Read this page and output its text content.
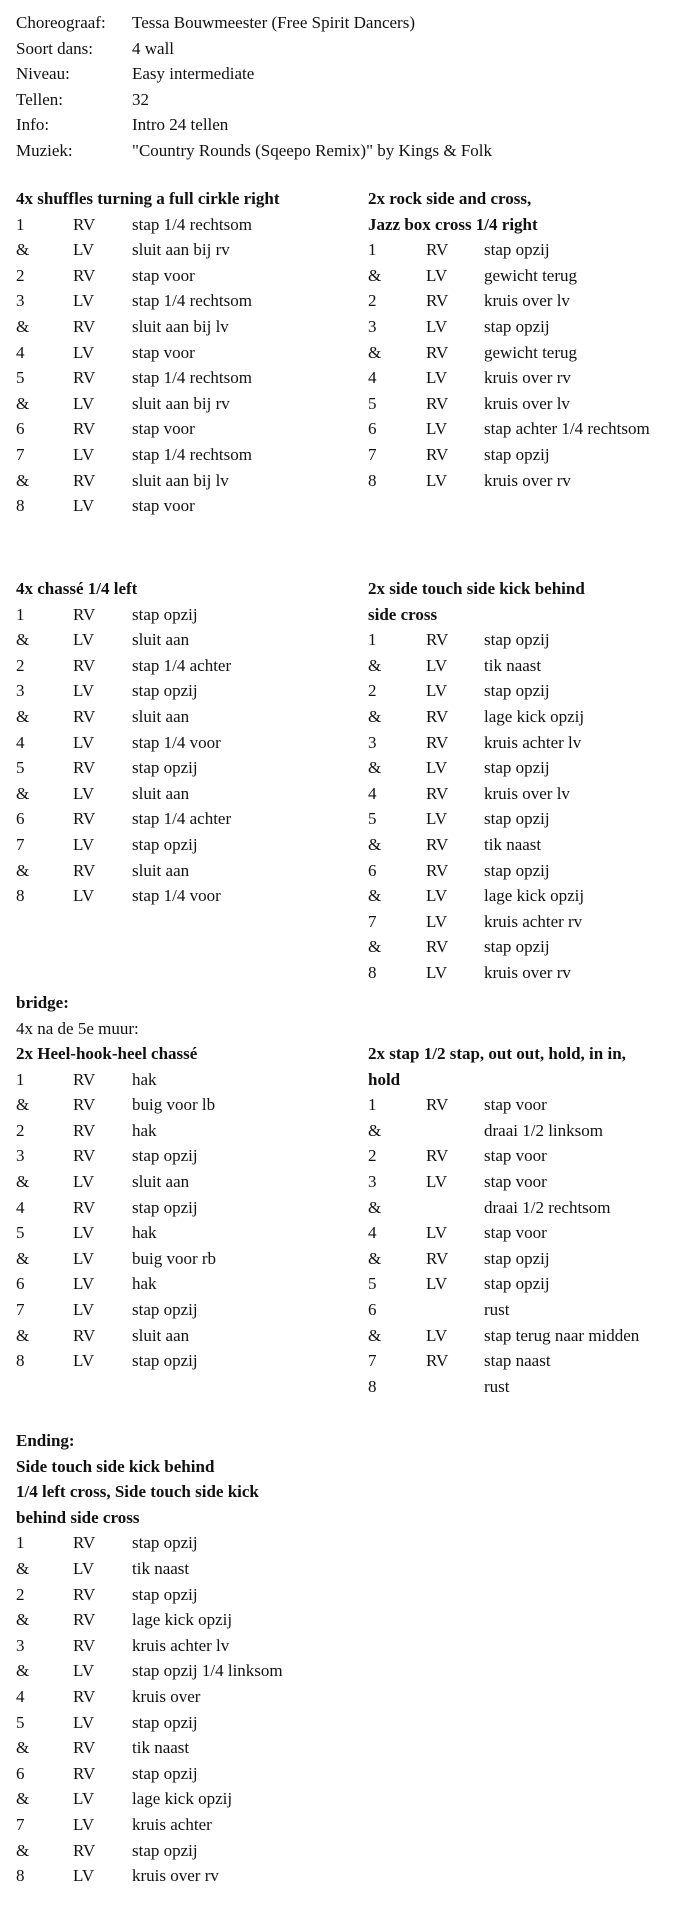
Choreograaf: Tessa Bouwmeester (Free Spirit Dancers)
Soort dans: 4 wall
Niveau:	Easy intermediate
Tellen:	32
Info:	Intro 24 tellen
Muziek:	"Country Rounds (Sqeepo Remix)" by Kings & Folk
4x shuffles turning a full cirkle right
1	RV stap 1/4 rechtsom
&	LV sluit aan bij rv
2	RV stap voor
3	LV stap 1/4 rechtsom
&	RV sluit aan bij lv
4	LV stap voor
5	RV stap 1/4 rechtsom
&	LV sluit aan bij rv
6	RV stap voor
7	LV stap 1/4 rechtsom
&	RV sluit aan bij lv
8	LV stap voor
2x rock side and cross,
Jazz box cross 1/4 right
1	RV stap opzij
&	LV gewicht terug
2	RV kruis over lv
3	LV stap opzij
&	RV gewicht terug
4	LV kruis over rv
5	RV kruis over lv
6	LV stap achter 1/4 rechtsom
7	RV stap opzij
8	LV kruis over rv
4x chassé 1/4 left
1	RV stap opzij
&	LV sluit aan
2	RV stap 1/4 achter
3	LV stap opzij
&	RV sluit aan
4	LV stap 1/4 voor
5	RV stap opzij
&	LV sluit aan
6	RV stap 1/4 achter
7	LV stap opzij
&	RV sluit aan
8	LV stap 1/4 voor
2x side touch side kick behind
side cross
1	RV stap opzij
&	LV tik naast
2	LV stap opzij
&	RV lage kick opzij
3	RV kruis achter lv
&	LV stap opzij
4	RV kruis over lv
5	LV stap opzij
&	RV tik naast
6	RV stap opzij
&	LV lage kick opzij
7	LV kruis achter rv
&	RV stap opzij
8	LV kruis over rv
bridge:
4x na de 5e muur:
2x Heel-hook-heel chassé
1	RV hak
&	RV buig voor lb
2	RV hak
3	RV stap opzij
&	LV sluit aan
4	RV stap opzij
5	LV hak
&	LV buig voor rb
6	LV hak
7	LV stap opzij
&	RV sluit aan
8	LV stap opzij
2x stap 1/2 stap, out out, hold, in in,
hold
1	RV stap voor
&	draai 1/2 linksom
2	RV stap voor
3	LV stap voor
&	draai 1/2 rechtsom
4	LV stap voor
&	RV stap opzij
5	LV stap opzij
6	rust
&	LV stap terug naar midden
7	RV stap naast
8	rust
Ending:
Side touch side kick behind
1/4 left cross, Side touch side kick
behind side cross
1	RV stap opzij
&	LV tik naast
2	RV stap opzij
&	RV lage kick opzij
3	RV kruis achter lv
&	LV stap opzij 1/4 linksom
4	RV kruis over
5	LV stap opzij
&	RV tik naast
6	RV stap opzij
&	LV lage kick opzij
7	LV kruis achter
&	RV stap opzij
8	LV kruis over rv
